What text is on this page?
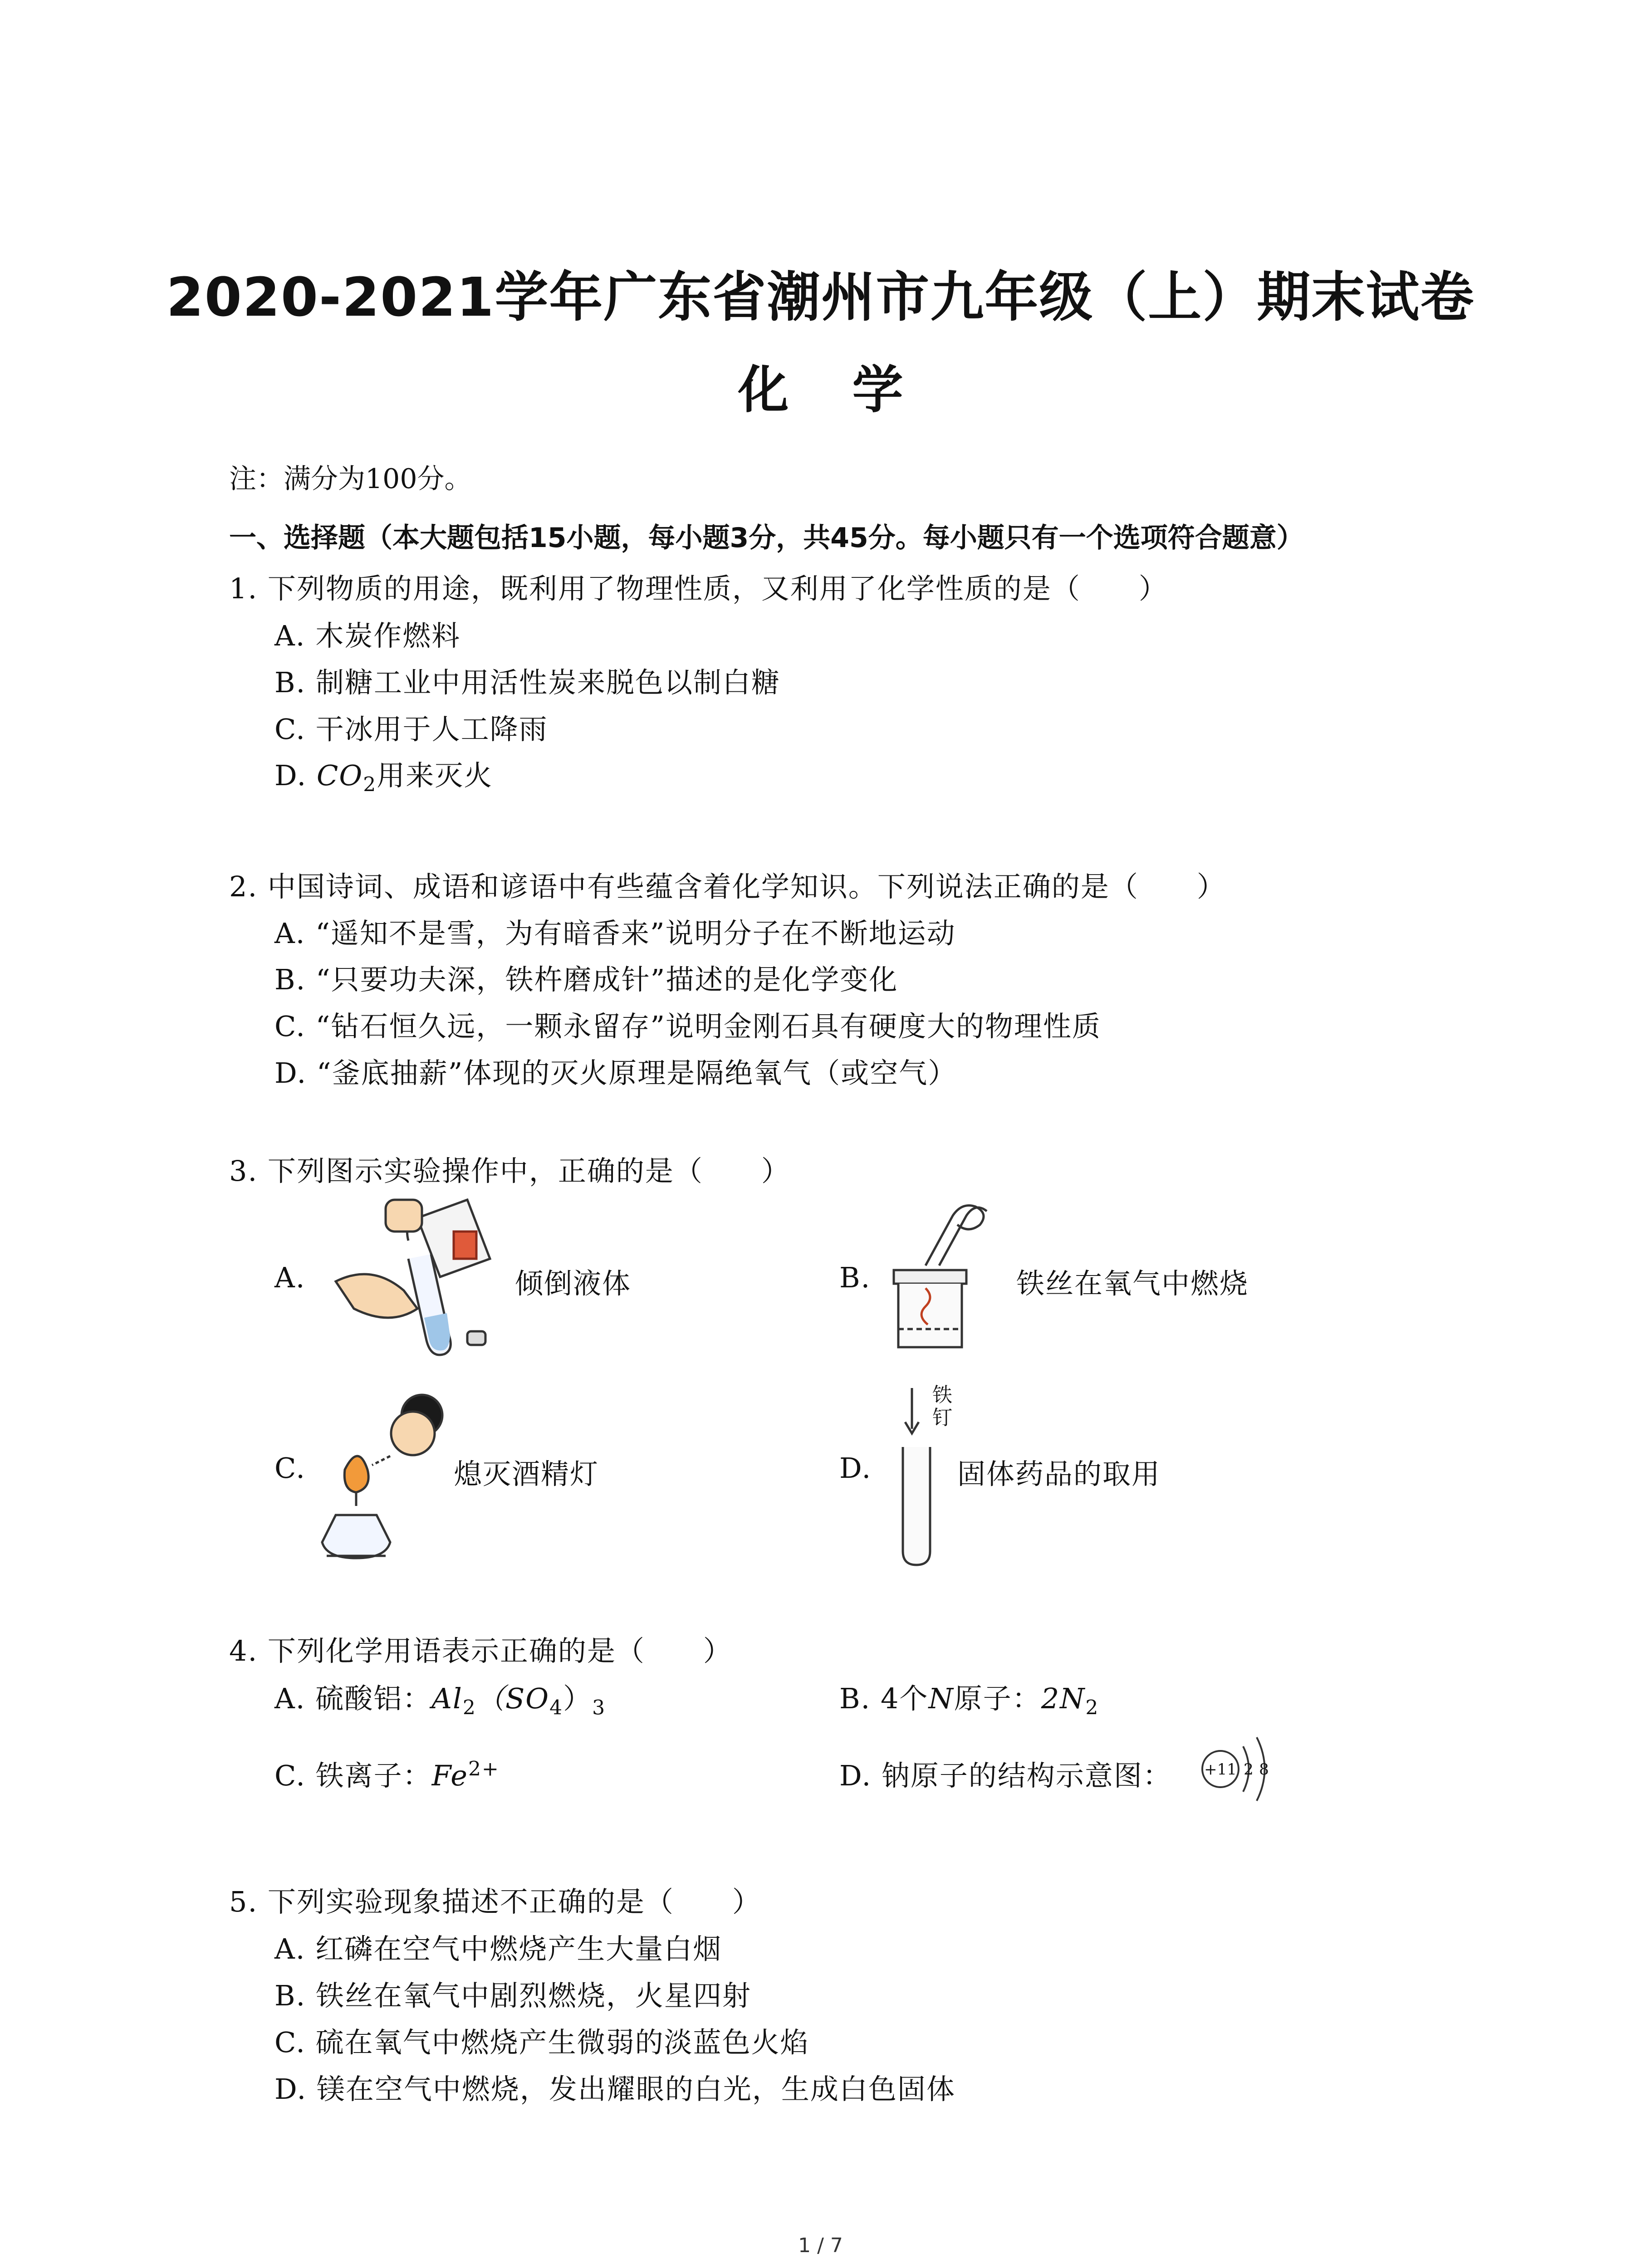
2020-2021学年广东省潮州市九年级（上）期末试卷
化学
注：满分为100分。
一、选择题（本大题包括15小题，每小题3分，共45分。每小题只有一个选项符合题意）
1. 下列物质的用途，既利用了物理性质，又利用了化学性质的是（　　）
A. 木炭作燃料
B. 制糖工业中用活性炭来脱色以制白糖
C. 干冰用于人工降雨
D. $CO_2$用来灭火
2. 中国诗词、成语和谚语中有些蕴含着化学知识。下列说法正确的是（　　）
A. “遥知不是雪，为有暗香来”说明分子在不断地运动
B. “只要功夫深，铁杵磨成针”描述的是化学变化
C. “钻石恒久远，一颗永留存”说明金刚石具有硬度大的物理性质
D. “釜底抽薪”体现的灭火原理是隔绝氧气（或空气）
3. 下列图示实验操作中，正确的是（　　）
A.	倾倒液体	B.	铁丝在氧气中燃烧
C.	熄灭酒精灯	D.
铁
钉
固体药品的取用
4. 下列化学用语表示正确的是（　　）
A. 硫酸铝：$Al_2(SO_4)_3$	B. 4个N原子：$2N_2$
C. 铁离子：$Fe^{2+}$	D. 钠原子的结构示意图： +11 2 8
5. 下列实验现象描述不正确的是（　　）
A. 红磷在空气中燃烧产生大量白烟
B. 铁丝在氧气中剧烈燃烧，火星四射
C. 硫在氧气中燃烧产生微弱的淡蓝色火焰
D. 镁在空气中燃烧，发出耀眼的白光，生成白色固体
1 / 7
